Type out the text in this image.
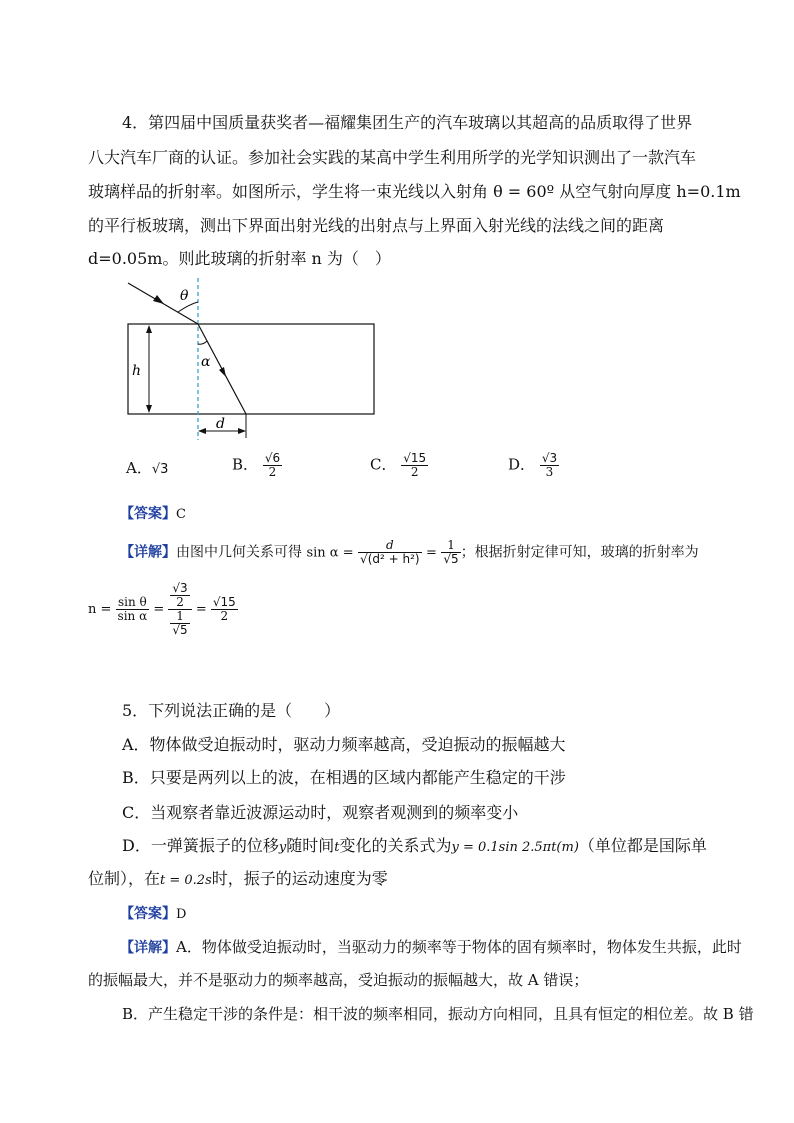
4．第四届中国质量获奖者—福耀集团生产的汽车玻璃以其超高的品质取得了世界
八大汽车厂商的认证。参加社会实践的某高中学生利用所学的光学知识测出了一款汽车
玻璃样品的折射率。如图所示，学生将一束光线以入射角 θ = 60º 从空气射向厚度 h=0.1m
的平行板玻璃，测出下界面出射光线的出射点与上界面入射光线的法线之间的距离
d=0.05m。则此玻璃的折射率 n 为（　）
θ
α
h
d
A．√3	B． $\frac{√6}{2}$	C． $\frac{√15}{2}$	D． $\frac{√3}{3}$
【答案】C
【详解】由图中几何关系可得 $\sin \alpha = \frac{d}{\text{√(d² + h²)}} = \frac{1}{√5}$ ；根据折射定律可知，玻璃的折射率为
$n = \frac{\text{sin θ}}{\text{sin α}} = \frac{\frac{√3}{2}}{\frac{1}{√5}} = \frac{√15}{2}$
5．下列说法正确的是（　　）
A．物体做受迫振动时，驱动力频率越高，受迫振动的振幅越大
B．只要是两列以上的波，在相遇的区域内都能产生稳定的干涉
C．当观察者靠近波源运动时，观察者观测到的频率变小
D．一弹簧振子的位移y随时间t变化的关系式为y = 0.1sin 2.5πt(m)（单位都是国际单
位制），在t = 0.2s时，振子的运动速度为零
【答案】D
【详解】A．物体做受迫振动时，当驱动力的频率等于物体的固有频率时，物体发生共振，此时
的振幅最大，并不是驱动力的频率越高，受迫振动的振幅越大，故 A 错误；
B．产生稳定干涉的条件是：相干波的频率相同，振动方向相同，且具有恒定的相位差。故 B 错
